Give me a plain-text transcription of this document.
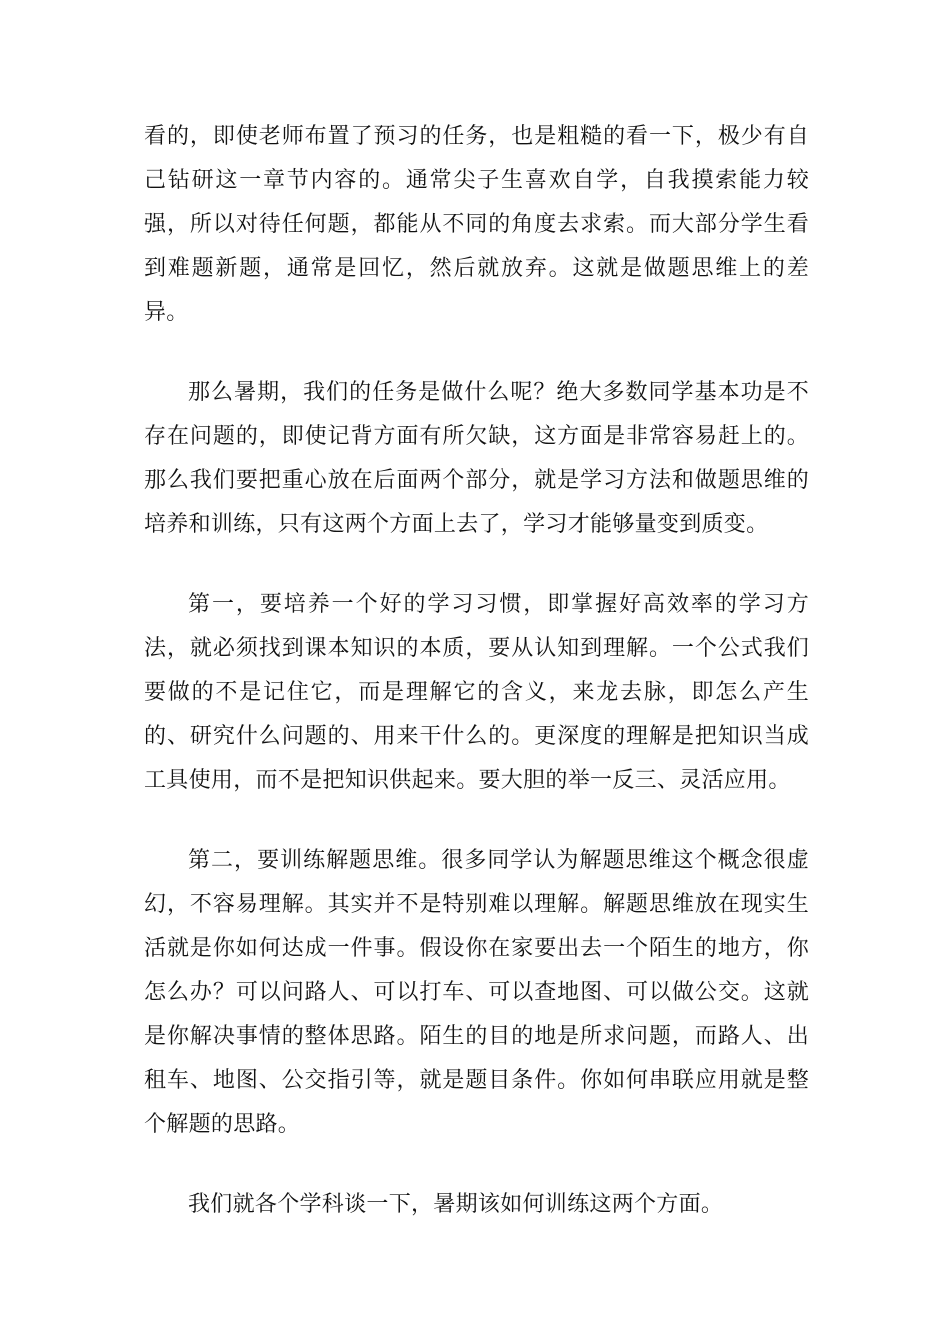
看的，即使老师布置了预习的任务，也是粗糙的看一下，极少有自己钻研这一章节内容的。通常尖子生喜欢自学，自我摸索能力较强，所以对待任何题，都能从不同的角度去求索。而大部分学生看到难题新题，通常是回忆，然后就放弃。这就是做题思维上的差异。

那么暑期，我们的任务是做什么呢？绝大多数同学基本功是不存在问题的，即使记背方面有所欠缺，这方面是非常容易赶上的。那么我们要把重心放在后面两个部分，就是学习方法和做题思维的培养和训练，只有这两个方面上去了，学习才能够量变到质变。

第一，要培养一个好的学习习惯，即掌握好高效率的学习方法，就必须找到课本知识的本质，要从认知到理解。一个公式我们要做的不是记住它，而是理解它的含义，来龙去脉，即怎么产生的、研究什么问题的、用来干什么的。更深度的理解是把知识当成工具使用，而不是把知识供起来。要大胆的举一反三、灵活应用。

第二，要训练解题思维。很多同学认为解题思维这个概念很虚幻，不容易理解。其实并不是特别难以理解。解题思维放在现实生活就是你如何达成一件事。假设你在家要出去一个陌生的地方，你怎么办？可以问路人、可以打车、可以查地图、可以做公交。这就是你解决事情的整体思路。陌生的目的地是所求问题，而路人、出租车、地图、公交指引等，就是题目条件。你如何串联应用就是整个解题的思路。

我们就各个学科谈一下，暑期该如何训练这两个方面。
